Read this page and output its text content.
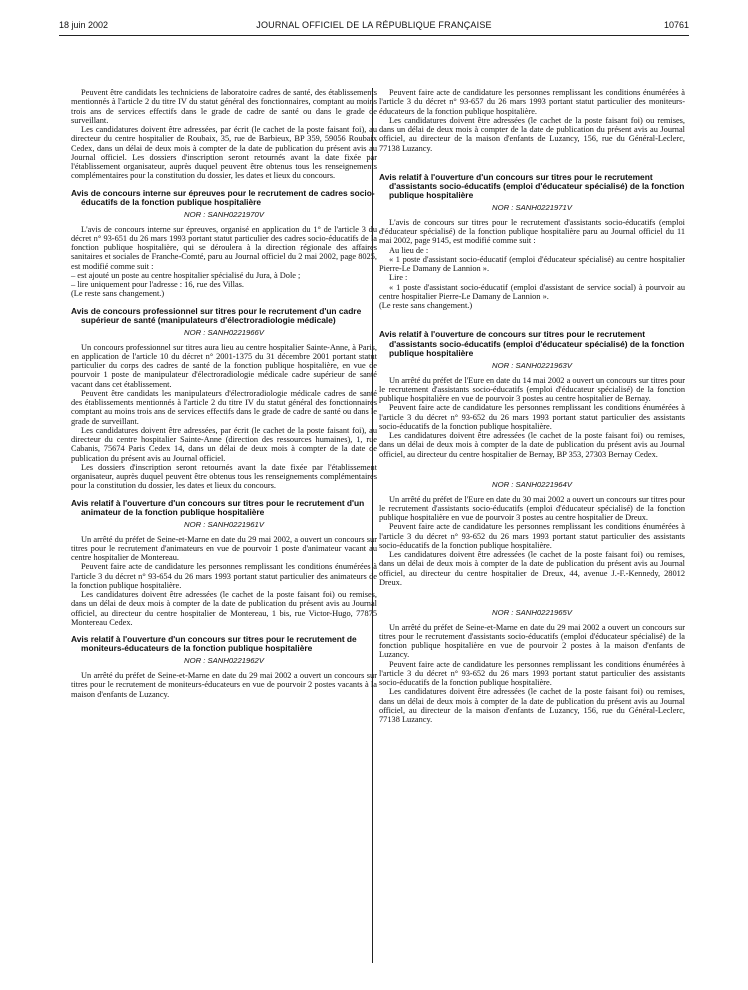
18 juin 2002	JOURNAL OFFICIEL DE LA RÉPUBLIQUE FRANÇAISE	10761

Peuvent être candidats les techniciens de laboratoire cadres de santé, des établissements mentionnés à l'article 2 du titre IV du statut général des fonctionnaires, comptant au moins trois ans de services effectifs dans le grade de cadre de santé ou dans le grade de surveillant.

Les candidatures doivent être adressées, par écrit (le cachet de la poste faisant foi), au directeur du centre hospitalier de Roubaix, 35, rue de Barbieux, BP 359, 59056 Roubaix Cedex, dans un délai de deux mois à compter de la date de publication du présent avis au Journal officiel. Les dossiers d'inscription seront retournés avant la date fixée par l'établissement organisateur, auprès duquel peuvent être obtenus tous les renseignements complémentaires pour la constitution du dossier, les dates et lieux du concours.

Avis de concours interne sur épreuves pour le recrutement de cadres socio-éducatifs de la fonction publique hospitalière
NOR : SANH0221970V

L'avis de concours interne sur épreuves, organisé en application du 1° de l'article 3 du décret n° 93-651 du 26 mars 1993 portant statut particulier des cadres socio-éducatifs de la fonction publique hospitalière, qui se déroulera à la direction régionale des affaires sanitaires et sociales de Franche-Comté, paru au Journal officiel du 2 mai 2002, page 8025, est modifié comme suit :

– est ajouté un poste au centre hospitalier spécialisé du Jura, à Dole ;

– lire uniquement pour l'adresse : 16, rue des Villas.

(Le reste sans changement.)

Avis de concours professionnel sur titres pour le recrutement d'un cadre supérieur de santé (manipulateurs d'électroradiologie médicale)
NOR : SANH0221966V

Un concours professionnel sur titres aura lieu au centre hospitalier Sainte-Anne, à Paris, en application de l'article 10 du décret n° 2001-1375 du 31 décembre 2001 portant statut particulier du corps des cadres de santé de la fonction publique hospitalière, en vue de pourvoir 1 poste de manipulateur d'électroradiologie médicale cadre supérieur de santé vacant dans cet établissement.

Peuvent être candidats les manipulateurs d'électroradiologie médicale cadres de santé des établissements mentionnés à l'article 2 du titre IV du statut général des fonctionnaires comptant au moins trois ans de services effectifs dans le grade de cadre de santé ou dans le grade de surveillant.

Les candidatures doivent être adressées, par écrit (le cachet de la poste faisant foi), au directeur du centre hospitalier Sainte-Anne (direction des ressources humaines), 1, rue Cabanis, 75674 Paris Cedex 14, dans un délai de deux mois à compter de la date de publication du présent avis au Journal officiel.

Les dossiers d'inscription seront retournés avant la date fixée par l'établissement organisateur, auprès duquel peuvent être obtenus tous les renseignements complémentaires pour la constitution du dossier, les dates et lieux du concours.

Avis relatif à l'ouverture d'un concours sur titres pour le recrutement d'un animateur de la fonction publique hospitalière
NOR : SANH0221961V

Un arrêté du préfet de Seine-et-Marne en date du 29 mai 2002, a ouvert un concours sur titres pour le recrutement d'animateurs en vue de pourvoir 1 poste d'animateur vacant au centre hospitalier de Montereau.

Peuvent faire acte de candidature les personnes remplissant les conditions énumérées à l'article 3 du décret n° 93-654 du 26 mars 1993 portant statut particulier des animateurs de la fonction publique hospitalière.

Les candidatures doivent être adressées (le cachet de la poste faisant foi) ou remises, dans un délai de deux mois à compter de la date de publication du présent avis au Journal officiel, au directeur du centre hospitalier de Montereau, 1 bis, rue Victor-Hugo, 77875 Montereau Cedex.

Avis relatif à l'ouverture d'un concours sur titres pour le recrutement de moniteurs-éducateurs de la fonction publique hospitalière
NOR : SANH0221962V

Un arrêté du préfet de Seine-et-Marne en date du 29 mai 2002 a ouvert un concours sur titres pour le recrutement de moniteurs-éducateurs en vue de pourvoir 2 postes vacants à la maison d'enfants de Luzancy.

Peuvent faire acte de candidature les personnes remplissant les conditions énumérées à l'article 3 du décret n° 93-657 du 26 mars 1993 portant statut particulier des moniteurs-éducateurs de la fonction publique hospitalière.

Les candidatures doivent être adressées (le cachet de la poste faisant foi) ou remises, dans un délai de deux mois à compter de la date de publication du présent avis au Journal officiel, au directeur de la maison d'enfants de Luzancy, 156, rue du Général-Leclerc, 77138 Luzancy.

Avis relatif à l'ouverture d'un concours sur titres pour le recrutement d'assistants socio-éducatifs (emploi d'éducateur spécialisé) de la fonction publique hospitalière
NOR : SANH0221971V

L'avis de concours sur titres pour le recrutement d'assistants socio-éducatifs (emploi d'éducateur spécialisé) de la fonction publique hospitalière paru au Journal officiel du 11 mai 2002, page 9145, est modifié comme suit :

Au lieu de :

« 1 poste d'assistant socio-éducatif (emploi d'éducateur spécialisé) au centre hospitalier Pierre-Le Damany de Lannion ».

Lire :

« 1 poste d'assistant socio-éducatif (emploi d'assistant de service social) à pourvoir au centre hospitalier Pierre-Le Damany de Lannion ».

(Le reste sans changement.)

Avis relatif à l'ouverture de concours sur titres pour le recrutement d'assistants socio-éducatifs (emploi d'éducateur spécialisé) de la fonction publique hospitalière
NOR : SANH0221963V

Un arrêté du préfet de l'Eure en date du 14 mai 2002 a ouvert un concours sur titres pour le recrutement d'assistants socio-éducatifs (emploi d'éducateur spécialisé) de la fonction publique hospitalière en vue de pourvoir 3 postes au centre hospitalier de Bernay.

Peuvent faire acte de candidature les personnes remplissant les conditions énumérées à l'article 3 du décret n° 93-652 du 26 mars 1993 portant statut particulier des assistants socio-éducatifs de la fonction publique hospitalière.

Les candidatures doivent être adressées (le cachet de la poste faisant foi) ou remises, dans un délai de deux mois à compter de la date de publication du présent avis au Journal officiel, au directeur du centre hospitalier de Bernay, BP 353, 27303 Bernay Cedex.

NOR : SANH0221964V

Un arrêté du préfet de l'Eure en date du 30 mai 2002 a ouvert un concours sur titres pour le recrutement d'assistants socio-éducatifs (emploi d'éducateur spécialisé) de la fonction publique hospitalière en vue de pourvoir 3 postes au centre hospitalier de Dreux.

Peuvent faire acte de candidature les personnes remplissant les conditions énumérées à l'article 3 du décret n° 93-652 du 26 mars 1993 portant statut particulier des assistants socio-éducatifs de la fonction publique hospitalière.

Les candidatures doivent être adressées (le cachet de la poste faisant foi) ou remises, dans un délai de deux mois à compter de la date de publication du présent avis au Journal officiel, au directeur du centre hospitalier de Dreux, 44, avenue J.-F.-Kennedy, 28012 Dreux.

NOR : SANH0221965V

Un arrêté du préfet de Seine-et-Marne en date du 29 mai 2002 a ouvert un concours sur titres pour le recrutement d'assistants socio-éducatifs (emploi d'éducateur spécialisé) de la fonction publique hospitalière en vue de pourvoir 2 postes à la maison d'enfants de Luzancy.

Peuvent faire acte de candidature les personnes remplissant les conditions énumérées à l'article 3 du décret n° 93-652 du 26 mars 1993 portant statut particulier des assistants socio-éducatifs de la fonction publique hospitalière.

Les candidatures doivent être adressées (le cachet de la poste faisant foi) ou remises, dans un délai de deux mois à compter de la date de publication du présent avis au Journal officiel, au directeur de la maison d'enfants de Luzancy, 156, rue du Général-Leclerc, 77138 Luzancy.
